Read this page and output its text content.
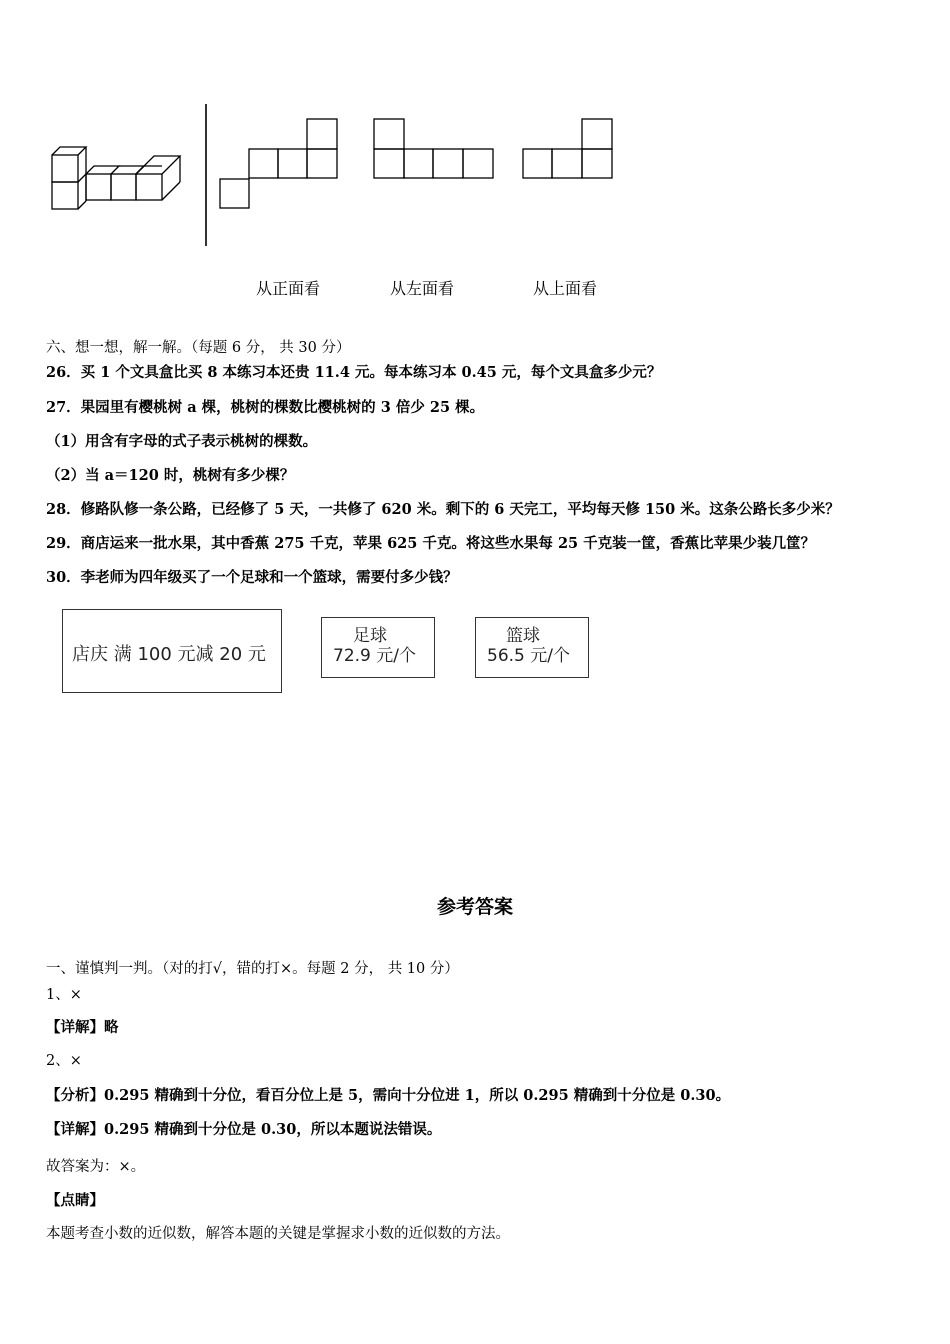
从正面看	从左面看	从上面看
六、想一想，解一解。（每题 6 分， 共 30 分）
26．买 1 个文具盒比买 8 本练习本还贵 11.4 元。每本练习本 0.45 元，每个文具盒多少元？
27．果园里有樱桃树 a 棵，桃树的棵数比樱桃树的 3 倍少 25 棵。
（1）用含有字母的式子表示桃树的棵数。
（2）当 a＝120 时，桃树有多少棵？
28．修路队修一条公路，已经修了 5 天，一共修了 620 米。剩下的 6 天完工，平均每天修 150 米。这条公路长多少米？
29．商店运来一批水果，其中香蕉 275 千克，苹果 625 千克。将这些水果每 25 千克装一筐，香蕉比苹果少装几筐？
30．李老师为四年级买了一个足球和一个篮球，需要付多少钱？
店庆 满 100 元减 20 元
足球
72.9 元/个
篮球
56.5 元/个
参考答案
一、谨慎判一判。（对的打√，错的打×。每题 2 分， 共 10 分）
1、×
【详解】略
2、×
【分析】0.295 精确到十分位，看百分位上是 5，需向十分位进 1，所以 0.295 精确到十分位是 0.30。
【详解】0.295 精确到十分位是 0.30，所以本题说法错误。
故答案为：×。
【点睛】
本题考查小数的近似数，解答本题的关键是掌握求小数的近似数的方法。
